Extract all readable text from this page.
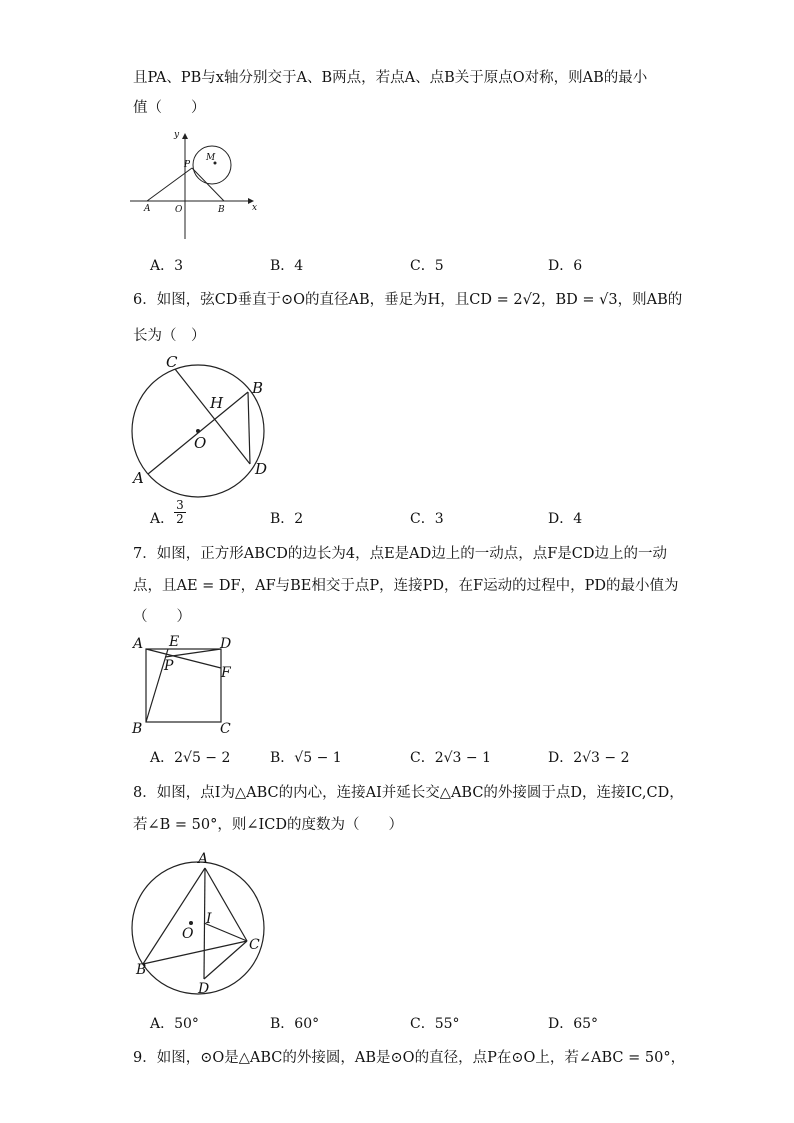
且PA、PB与x轴分别交于A、B两点，若点A、点B关于原点O对称，则AB的最小
值（　　）
y
x
P
M
A	O	B
A．3	B．4	C．5	D．6
6．如图，弦CD垂直于⊙O的直径AB，垂足为H，且CD = 2√2，BD = √3，则AB的
长为（　）
C
B
H
O
A	D
A． $\frac{3}{2}$	B．2	C．3	D．4
7．如图，正方形ABCD的边长为4，点E是AD边上的一动点，点F是CD边上的一动
点，且AE = DF，AF与BE相交于点P，连接PD，在F运动的过程中，PD的最小值为
（　　）
A E	D
P	F
B	C
A．2√5 − 2	B．√5 − 1	C．2√3 − 1	D．2√3 − 2
8．如图，点I为△ABC的内心，连接AI并延长交△ABC的外接圆于点D，连接IC,CD，
若∠B = 50°，则∠ICD的度数为（　　）
A
I
O
C
B
D
A．50°	B．60°	C．55°	D．65°
9．如图，⊙O是△ABC的外接圆，AB是⊙O的直径，点P在⊙O上，若∠ABC = 50°，
